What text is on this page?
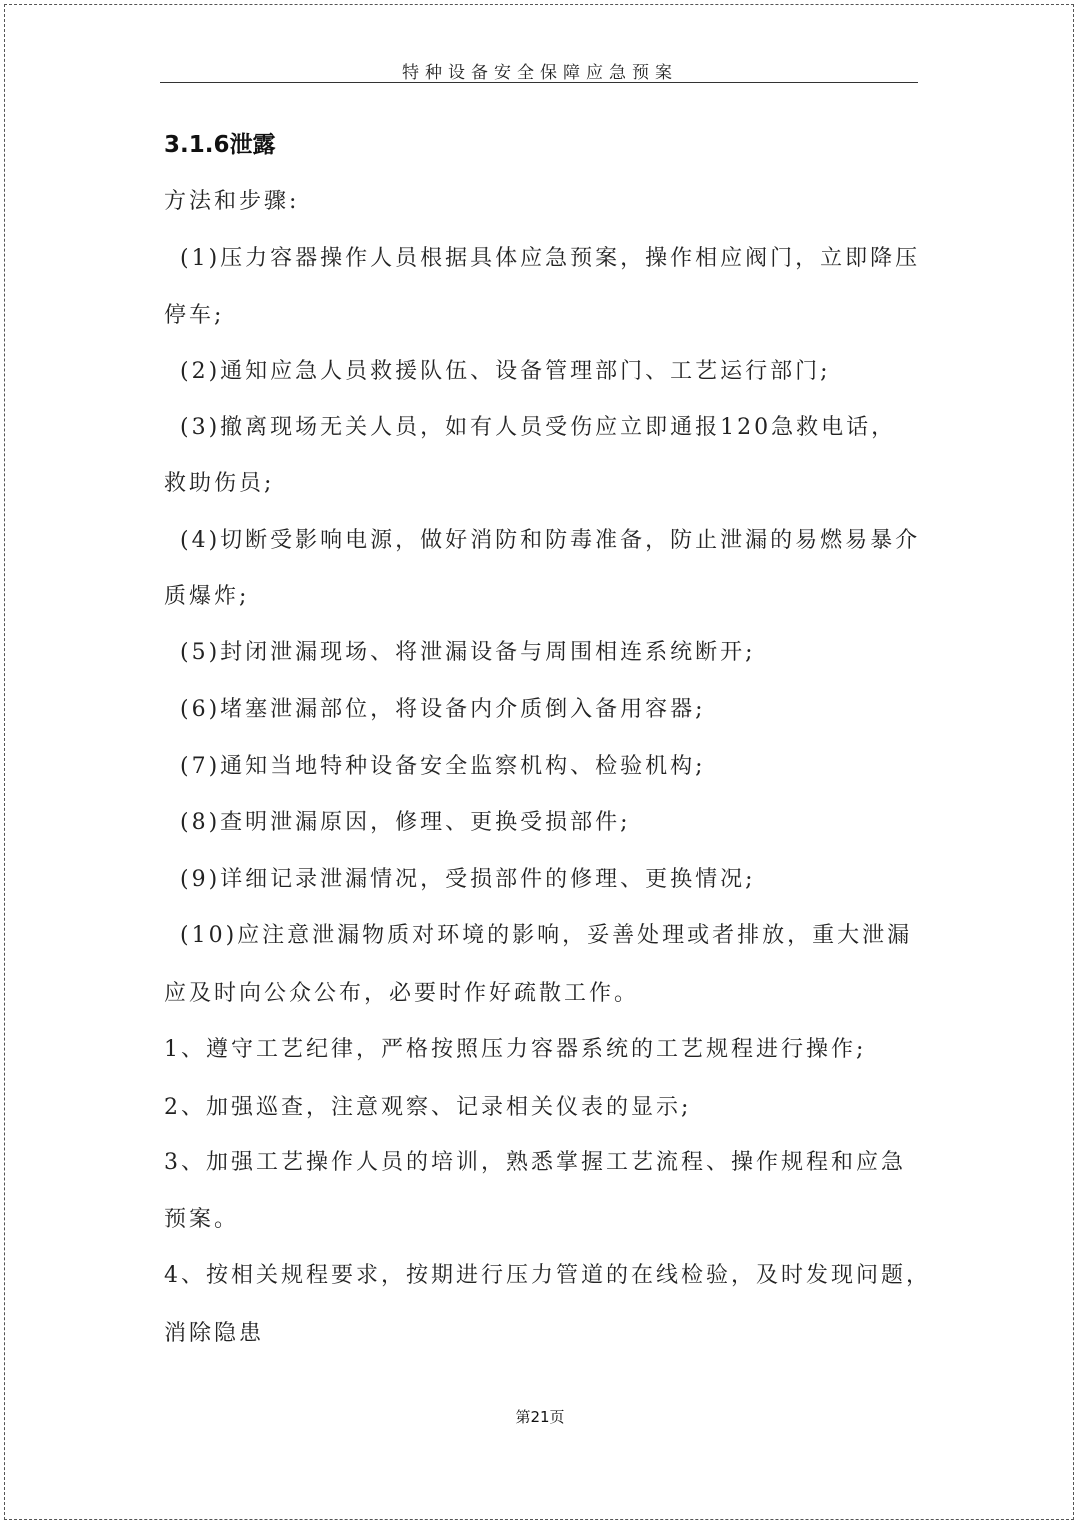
特种设备安全保障应急预案
3.1.6泄露
方法和步骤:
(1)压力容器操作人员根据具体应急预案，操作相应阀门，立即降压
停车;
(2)通知应急人员救援队伍、设备管理部门、工艺运行部门;
(3)撤离现场无关人员，如有人员受伤应立即通报120急救电话，
救助伤员;
(4)切断受影响电源，做好消防和防毒准备，防止泄漏的易燃易暴介
质爆炸;
(5)封闭泄漏现场、将泄漏设备与周围相连系统断开;
(6)堵塞泄漏部位，将设备内介质倒入备用容器;
(7)通知当地特种设备安全监察机构、检验机构;
(8)查明泄漏原因，修理、更换受损部件;
(9)详细记录泄漏情况，受损部件的修理、更换情况;
(10)应注意泄漏物质对环境的影响，妥善处理或者排放，重大泄漏
应及时向公众公布，必要时作好疏散工作。
1、遵守工艺纪律，严格按照压力容器系统的工艺规程进行操作;
2、加强巡查，注意观察、记录相关仪表的显示;
3、加强工艺操作人员的培训，熟悉掌握工艺流程、操作规程和应急
预案。
4、按相关规程要求，按期进行压力管道的在线检验，及时发现问题，
消除隐患
第21页
